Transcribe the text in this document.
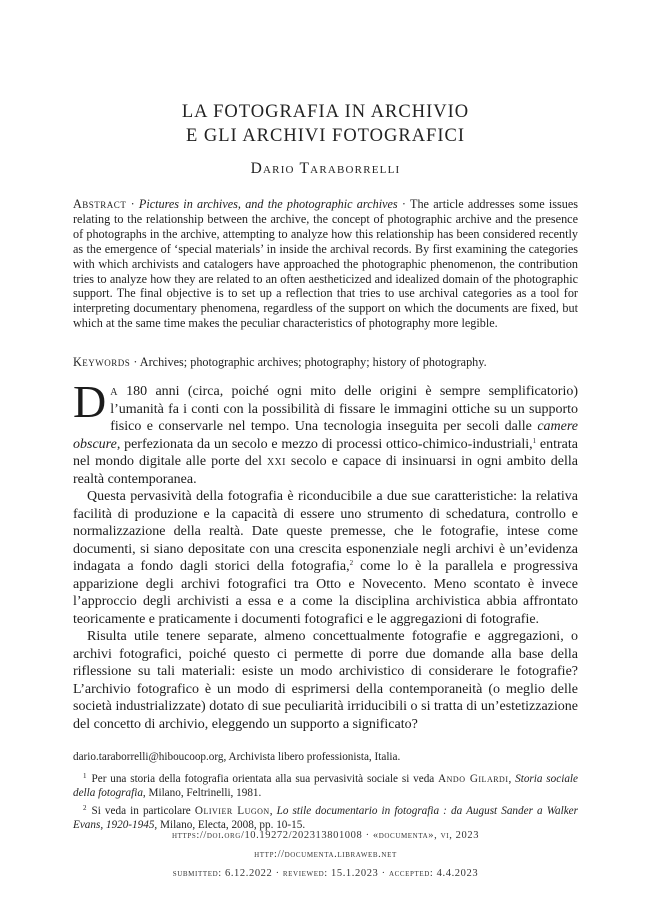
LA FOTOGRAFIA IN ARCHIVIO
E GLI ARCHIVI FOTOGRAFICI
Dario Taraborrelli
Abstract · Pictures in archives, and the photographic archives · The article addresses some issues relating to the relationship between the archive, the concept of photographic archive and the presence of photographs in the archive, attempting to analyze how this relationship has been considered recently as the emergence of ‘special materials’ in inside the archival records. By first examining the categories with which archivists and catalogers have approached the photographic phenomenon, the contribution tries to analyze how they are related to an often aestheticized and idealized domain of the photographic support. The final objective is to set up a reflection that tries to use archival categories as a tool for interpreting documentary phenomena, regardless of the support on which the documents are fixed, but which at the same time makes the peculiar characteristics of photography more legible.
Keywords · Archives; photographic archives; photography; history of photography.

Da 180 anni (circa, poiché ogni mito delle origini è sempre semplificatorio) l’umanità fa i conti con la possibilità di fissare le immagini ottiche su un supporto fisico e conservarle nel tempo. Una tecnologia inseguita per secoli dalle camere obscure, perfezionata da un secolo e mezzo di processi ottico-chimico-industriali,$^1$ entrata nel mondo digitale alle porte del xxi secolo e capace di insinuarsi in ogni ambito della realtà contemporanea.

Questa pervasività della fotografia è riconducibile a due sue caratteristiche: la relativa facilità di produzione e la capacità di essere uno strumento di schedatura, controllo e normalizzazione della realtà. Date queste premesse, che le fotografie, intese come documenti, si siano depositate con una crescita esponenziale negli archivi è un’evidenza indagata a fondo dagli storici della fotografia,$^2$ come lo è la parallela e progressiva apparizione degli archivi fotografici tra Otto e Novecento. Meno scontato è invece l’approccio degli archivisti a essa e a come la disciplina archivistica abbia affrontato teoricamente e praticamente i documenti fotografici e le aggregazioni di fotografie.

Risulta utile tenere separate, almeno concettualmente fotografie e aggregazioni, o archivi fotografici, poiché questo ci permette di porre due domande alla base della riflessione su tali materiali: esiste un modo archivistico di considerare le fotografie? L’archivio fotografico è un modo di esprimersi della contemporaneità (o meglio delle società industrializzate) dotato di sue peculiarità irriducibili o si tratta di un’estetizzazione del concetto di archivio, eleggendo un supporto a significato?

dario.taraborrelli@hiboucoop.org, Archivista libero professionista, Italia.

$^1$ Per una storia della fotografia orientata alla sua pervasività sociale si veda Ando Gilardi, Storia sociale della fotografia, Milano, Feltrinelli, 1981.

$^2$ Si veda in particolare Olivier Lugon, Lo stile documentario in fotografia : da August Sander a Walker Evans, 1920-1945, Milano, Electa, 2008, pp. 10-15.

https://doi.org/10.19272/202313801008 · «documenta», vi, 2023
http://documenta.libraweb.net
submitted: 6.12.2022 · reviewed: 15.1.2023 · accepted: 4.4.2023
